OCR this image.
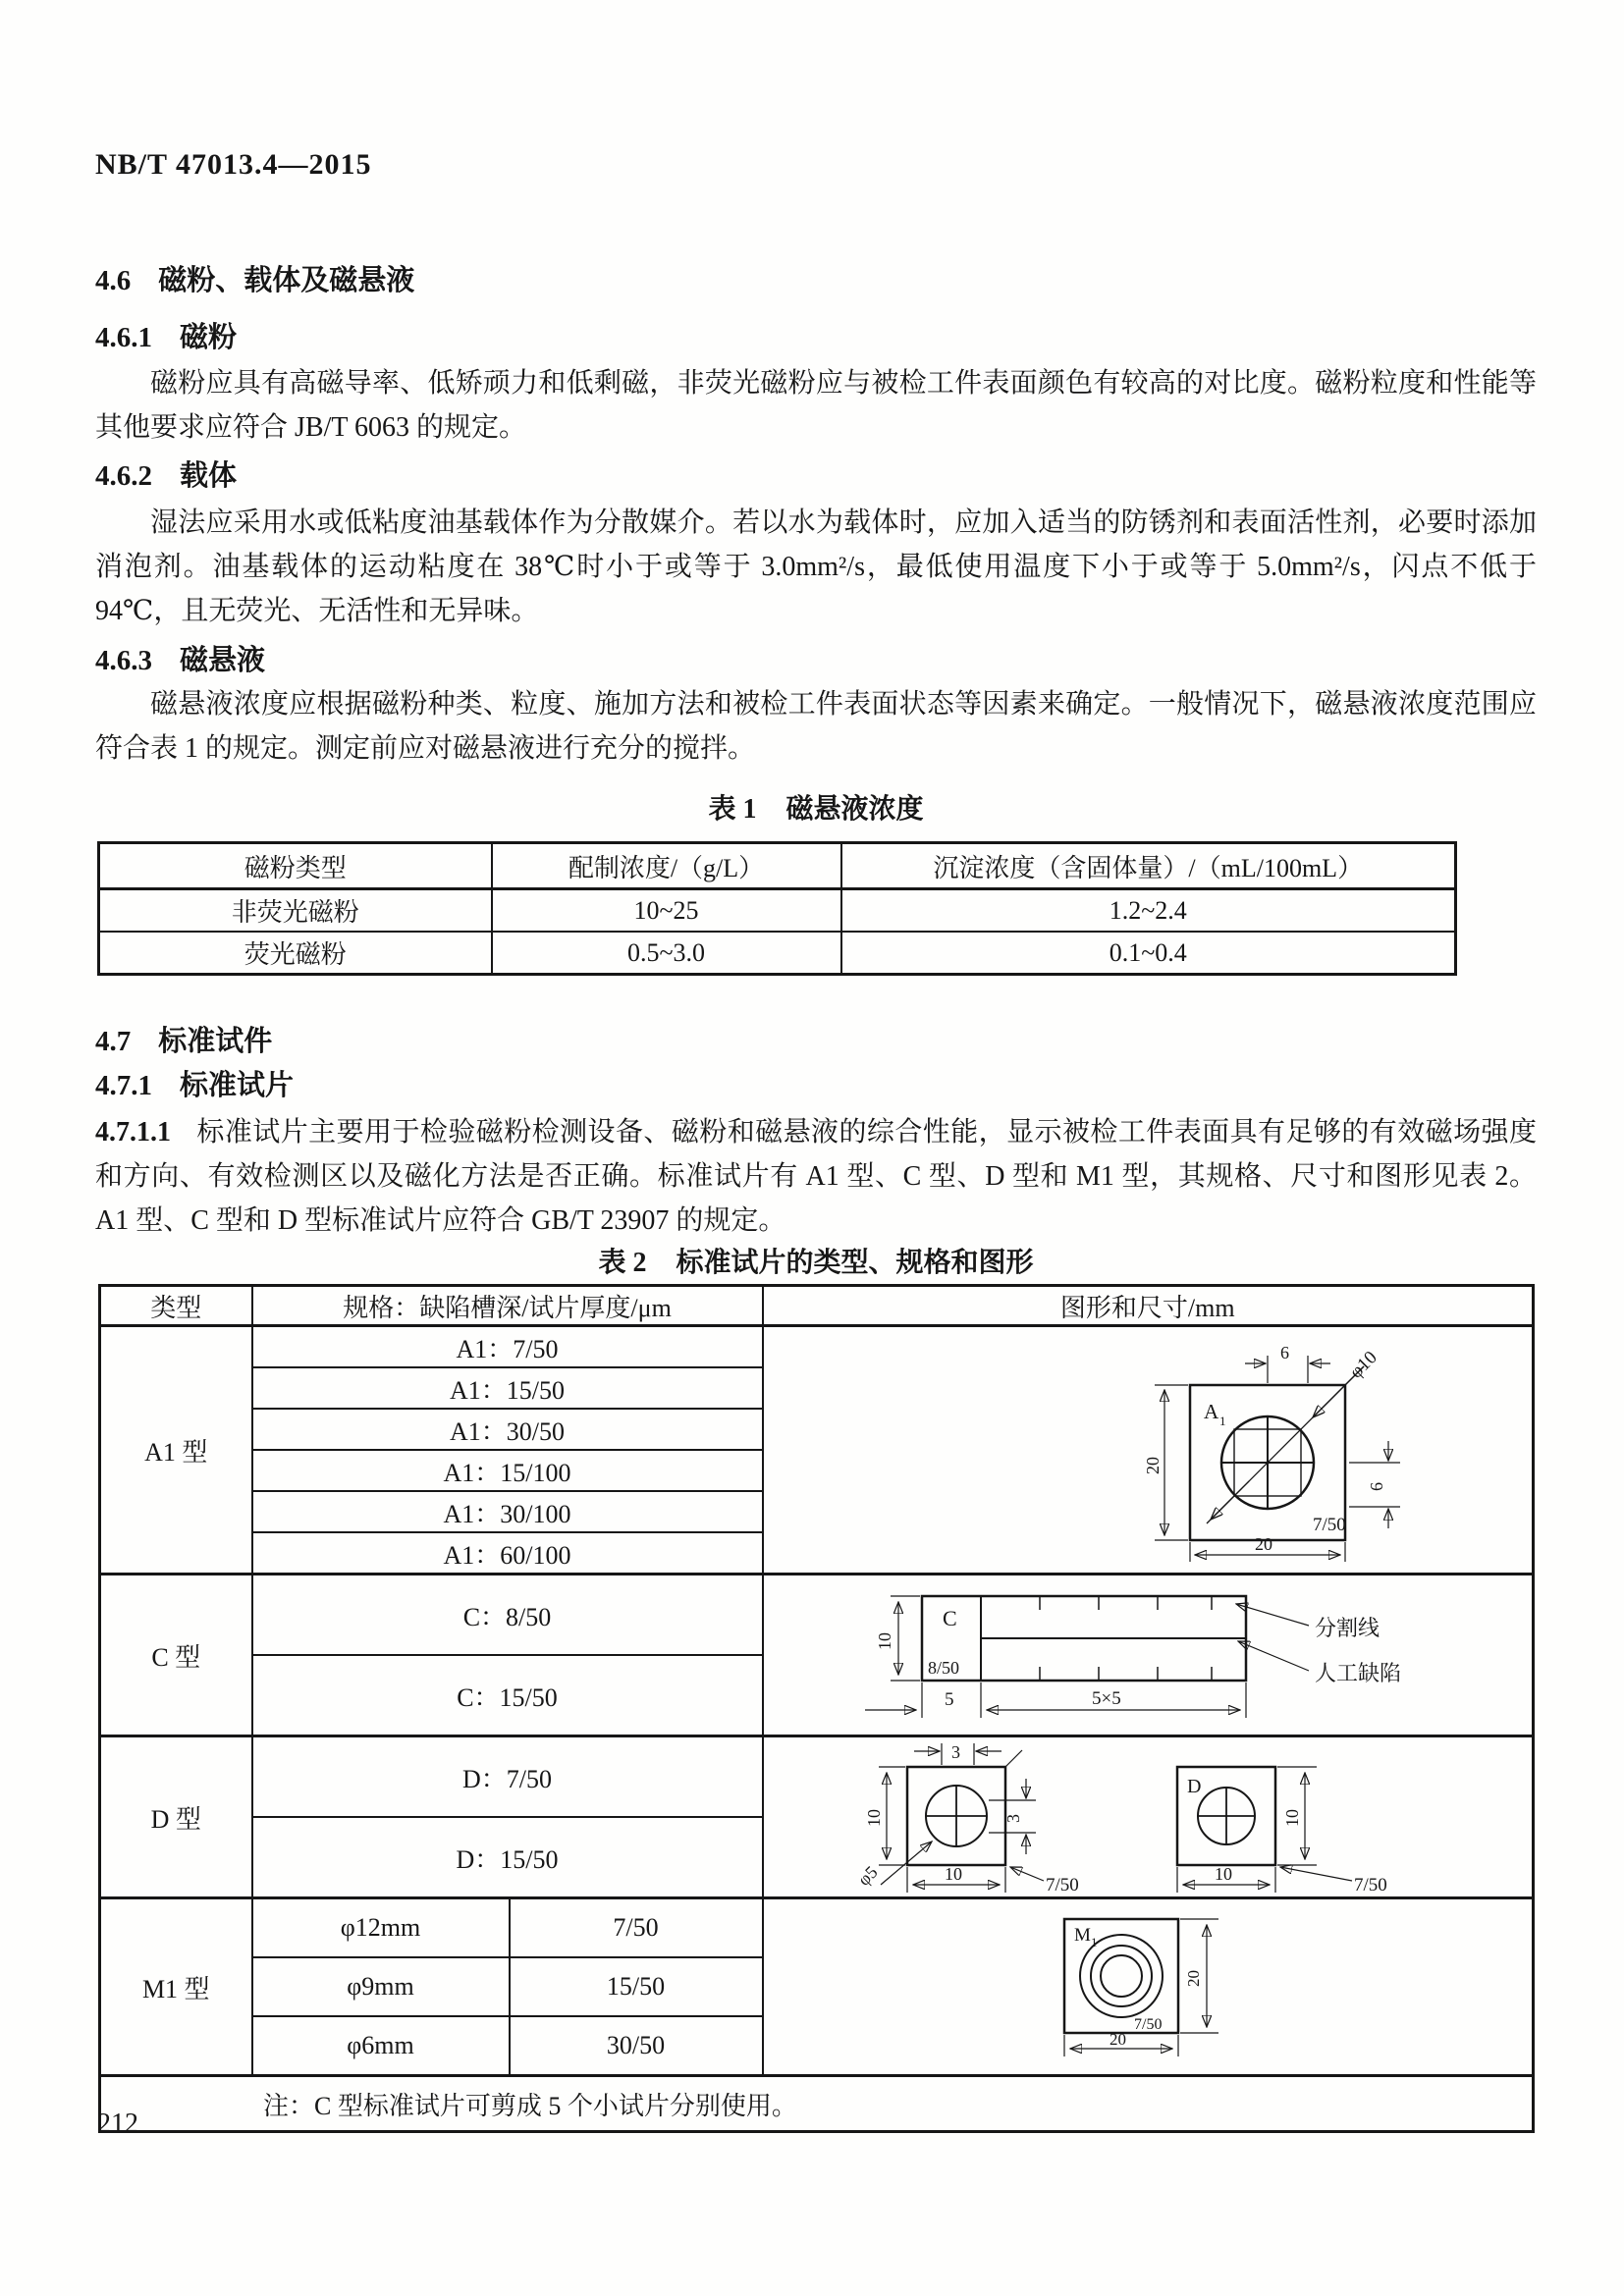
NB/T 47013.4—2015
4.6 磁粉、载体及磁悬液
4.6.1 磁粉

磁粉应具有高磁导率、低矫顽力和低剩磁，非荧光磁粉应与被检工件表面颜色有较高的对比度。磁粉粒度和性能等其他要求应符合 JB/T 6063 的规定。

4.6.2 载体

湿法应采用水或低粘度油基载体作为分散媒介。若以水为载体时，应加入适当的防锈剂和表面活性剂，必要时添加消泡剂。油基载体的运动粘度在 38℃时小于或等于 3.0mm²/s，最低使用温度下小于或等于 5.0mm²/s，闪点不低于 94℃，且无荧光、无活性和无异味。

4.6.3 磁悬液

磁悬液浓度应根据磁粉种类、粒度、施加方法和被检工件表面状态等因素来确定。一般情况下，磁悬液浓度范围应符合表 1 的规定。测定前应对磁悬液进行充分的搅拌。

表 1 磁悬液浓度
磁粉类型	配制浓度/（g/L）	沉淀浓度（含固体量）/（mL/100mL）
非荧光磁粉	10~25	1.2~2.4
荧光磁粉	0.5~3.0	0.1~0.4
4.7 标准试件
4.7.1 标准试片

4.7.1.1 标准试片主要用于检验磁粉检测设备、磁粉和磁悬液的综合性能，显示被检工件表面具有足够的有效磁场强度和方向、有效检测区以及磁化方法是否正确。标准试片有 A1 型、C 型、D 型和 M1 型，其规格、尺寸和图形见表 2。A1 型、C 型和 D 型标准试片应符合 GB/T 23907 的规定。

表 2 标准试片的类型、规格和图形
类型	规格：缺陷槽深/试片厚度/μm		图形和尺寸/mm
A1 型	A1：7/50	
A 1
6	φ10
6
20
7/50
20

	A1：15/50		
	A1：30/50		
	A1：15/100		
	A1：30/100		
	A1：60/100		
C 型	C：8/50	C
8/50
10
5	5×5
分割线
人工缺陷

	C：15/50		
D 型	D：7/50	
3
10	3
φ5	10
7/50
D
10
10
7/50

	D：15/50		
M1 型	φ12mm	7/50	M 1
7/50
20
20

	φ9mm	15/50	
	φ6mm	30/50	
注：C 型标准试片可剪成 5 个小试片分别使用。			
212
